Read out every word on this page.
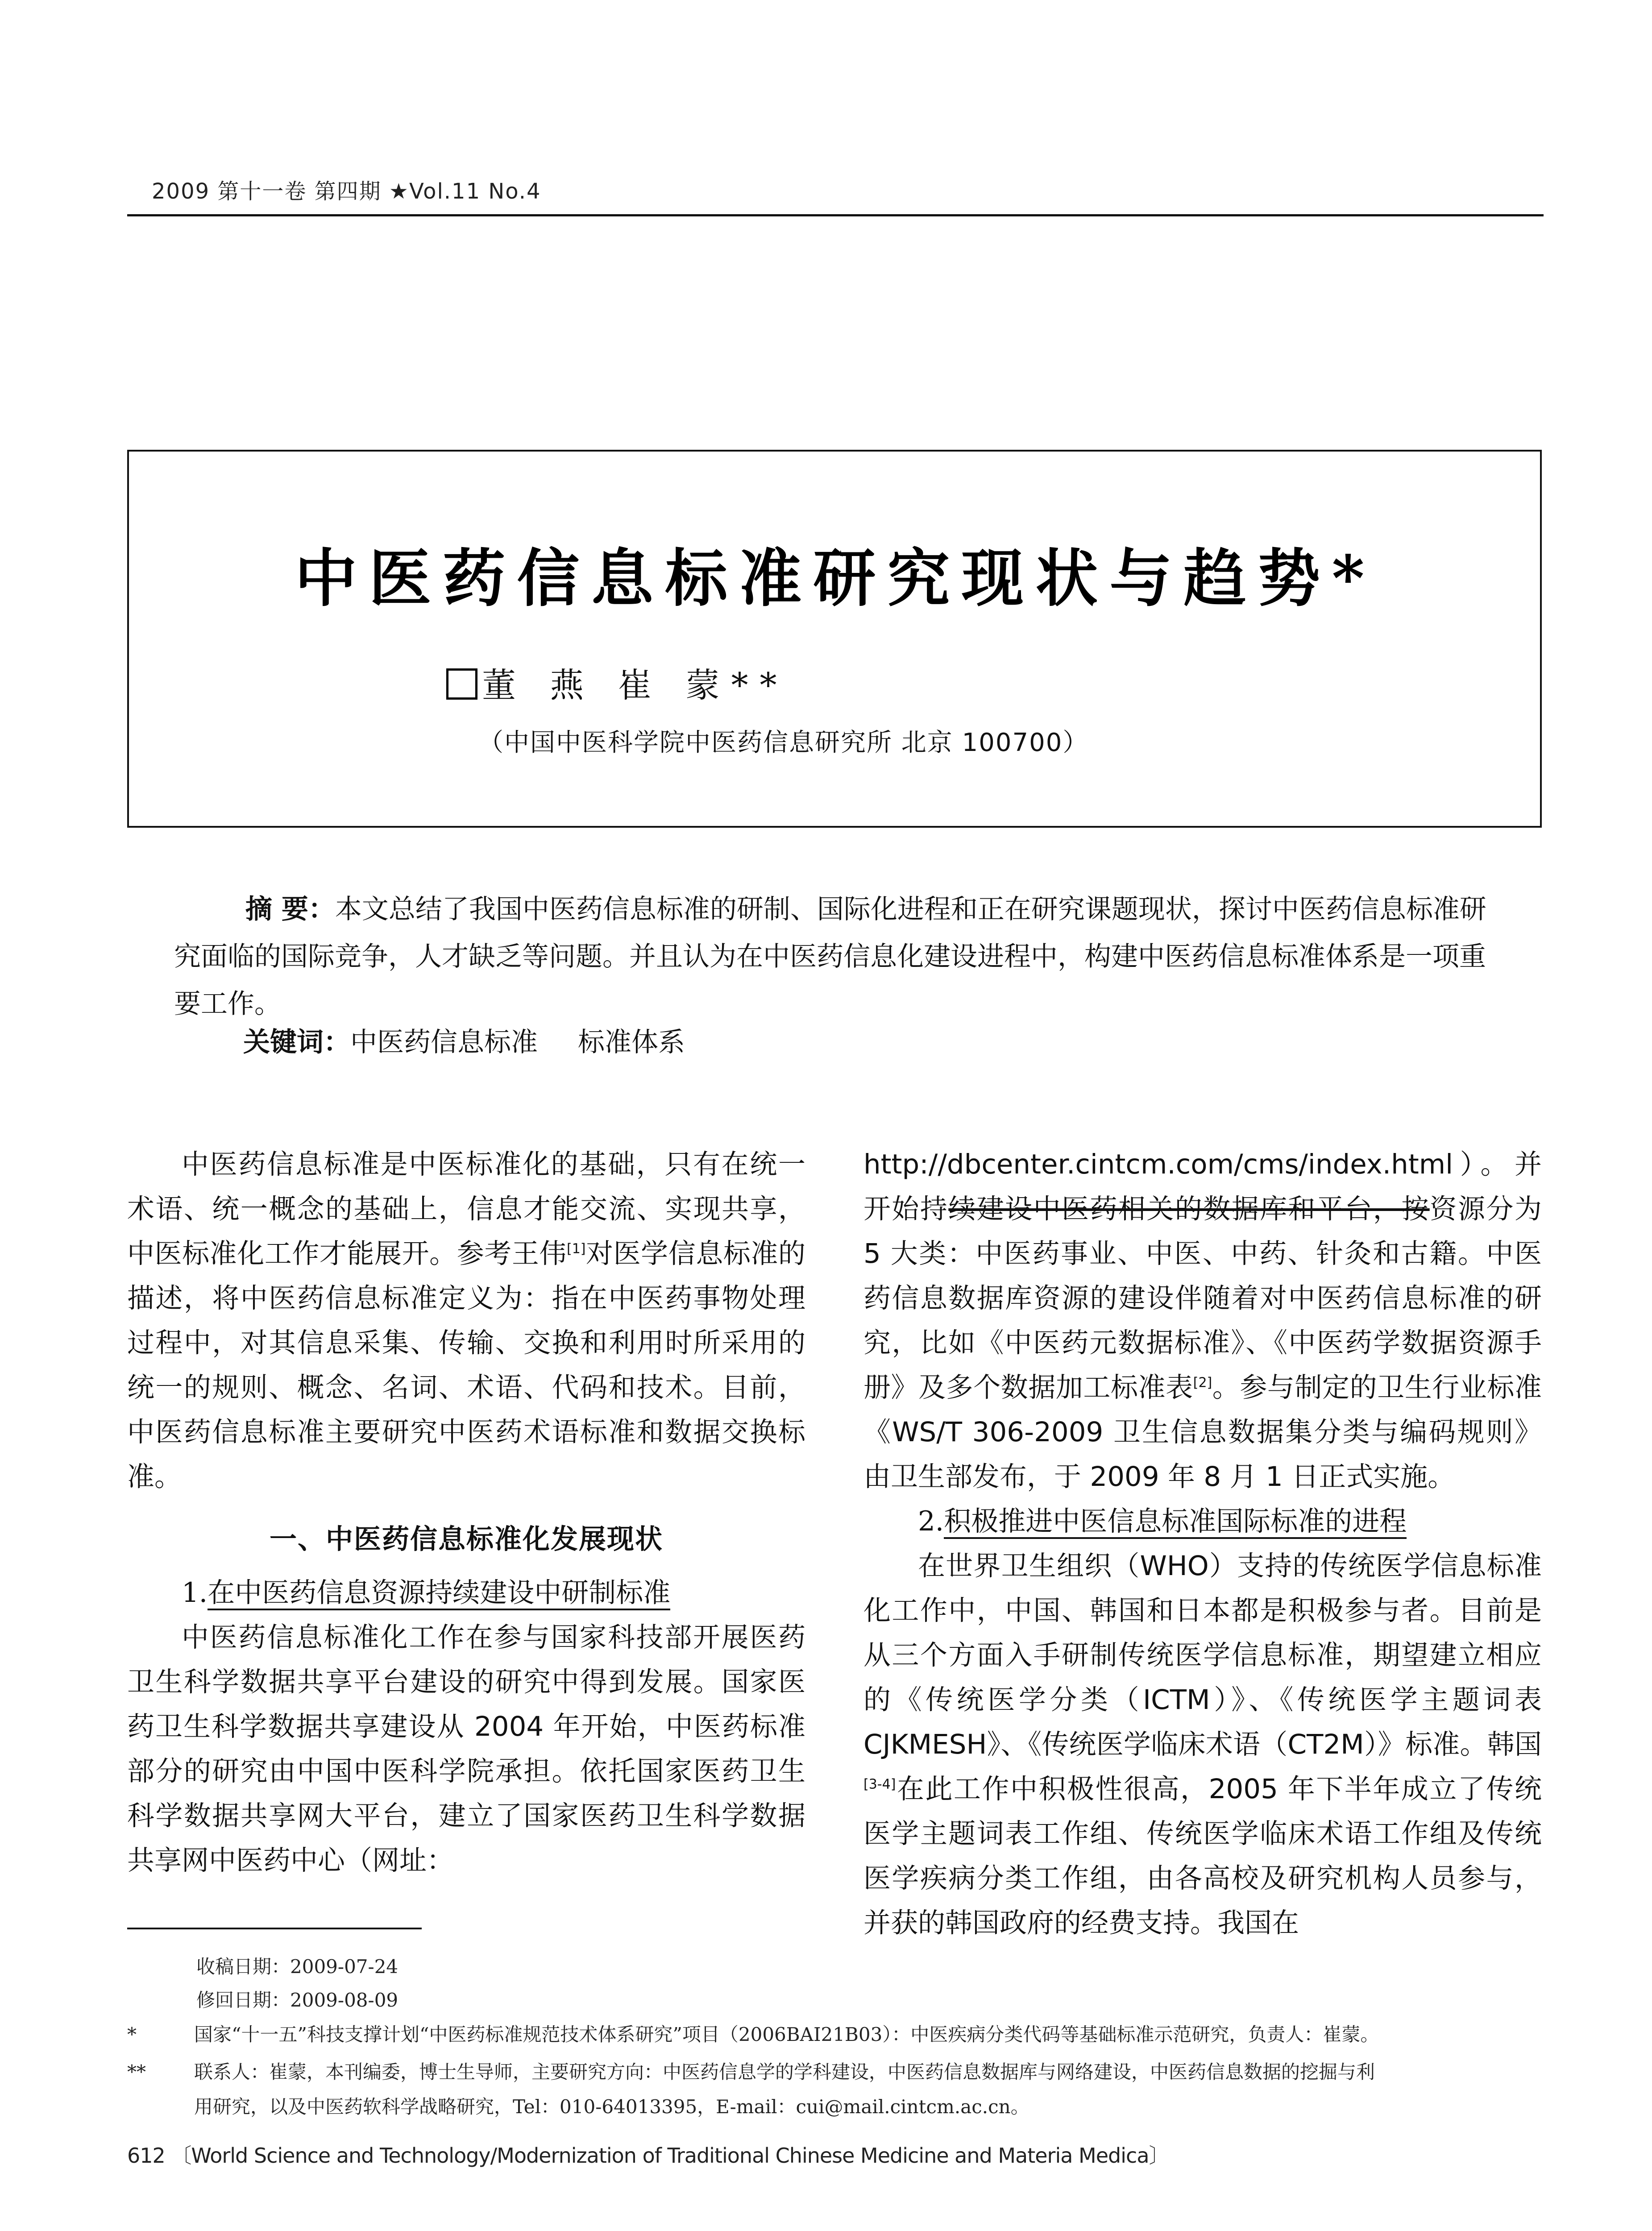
2009 第十一卷 第四期 ★Vol.11 No.4
中医药信息标准研究现状与趋势*
董 燕 崔 蒙**
（中国中医科学院中医药信息研究所 北京 100700）
摘 要：本文总结了我国中医药信息标准的研制、国际化进程和正在研究课题现状，探讨中医药信息标准研究面临的国际竞争，人才缺乏等问题。并且认为在中医药信息化建设进程中，构建中医药信息标准体系是一项重要工作。
关键词：中医药信息标准 标准体系

中医药信息标准是中医标准化的基础，只有在统一术语、统一概念的基础上，信息才能交流、实现共享，中医标准化工作才能展开。参考王伟[1]对医学信息标准的描述，将中医药信息标准定义为：指在中医药事物处理过程中，对其信息采集、传输、交换和利用时所采用的统一的规则、概念、名词、术语、代码和技术。目前，中医药信息标准主要研究中医药术语标准和数据交换标准。

一、中医药信息标准化发展现状

1.在中医药信息资源持续建设中研制标准

中医药信息标准化工作在参与国家科技部开展医药卫生科学数据共享平台建设的研究中得到发展。国家医药卫生科学数据共享建设从 2004 年开始，中医药标准部分的研究由中国中医科学院承担。依托国家医药卫生科学数据共享网大平台，建立了国家医药卫生科学数据共享网中医药中心（网址：

http://dbcenter.cintcm.com/cms/index.html）。并开始持续建设中医药相关的数据库和平台，按资源分为 5 大类：中医药事业、中医、中药、针灸和古籍。中医药信息数据库资源的建设伴随着对中医药信息标准的研究，比如《中医药元数据标准》、《中医药学数据资源手册》及多个数据加工标准表[2]。参与制定的卫生行业标准《WS/T 306-2009 卫生信息数据集分类与编码规则》由卫生部发布，于 2009 年 8 月 1 日正式实施。

2.积极推进中医信息标准国际标准的进程

在世界卫生组织（WHO）支持的传统医学信息标准化工作中，中国、韩国和日本都是积极参与者。目前是从三个方面入手研制传统医学信息标准，期望建立相应的《传统医学分类（ICTM）》、《传统医学主题词表 CJKMESH》、《传统医学临床术语（CT2M）》标准。韩国[3-4]在此工作中积极性很高，2005 年下半年成立了传统医学主题词表工作组、传统医学临床术语工作组及传统医学疾病分类工作组，由各高校及研究机构人员参与，并获的韩国政府的经费支持。我国在

收稿日期：2009-07-24
修回日期：2009-08-09
*	国家“十一五”科技支撑计划“中医药标准规范技术体系研究”项目（2006BAI21B03）：中医疾病分类代码等基础标准示范研究，负责人：崔蒙。
**	联系人：崔蒙，本刊编委，博士生导师，主要研究方向：中医药信息学的学科建设，中医药信息数据库与网络建设，中医药信息数据的挖掘与利
用研究，以及中医药软科学战略研究，Tel：010-64013395，E-mail：cui@mail.cintcm.ac.cn。
612 〔World Science and Technology/Modernization of Traditional Chinese Medicine and Materia Medica〕
